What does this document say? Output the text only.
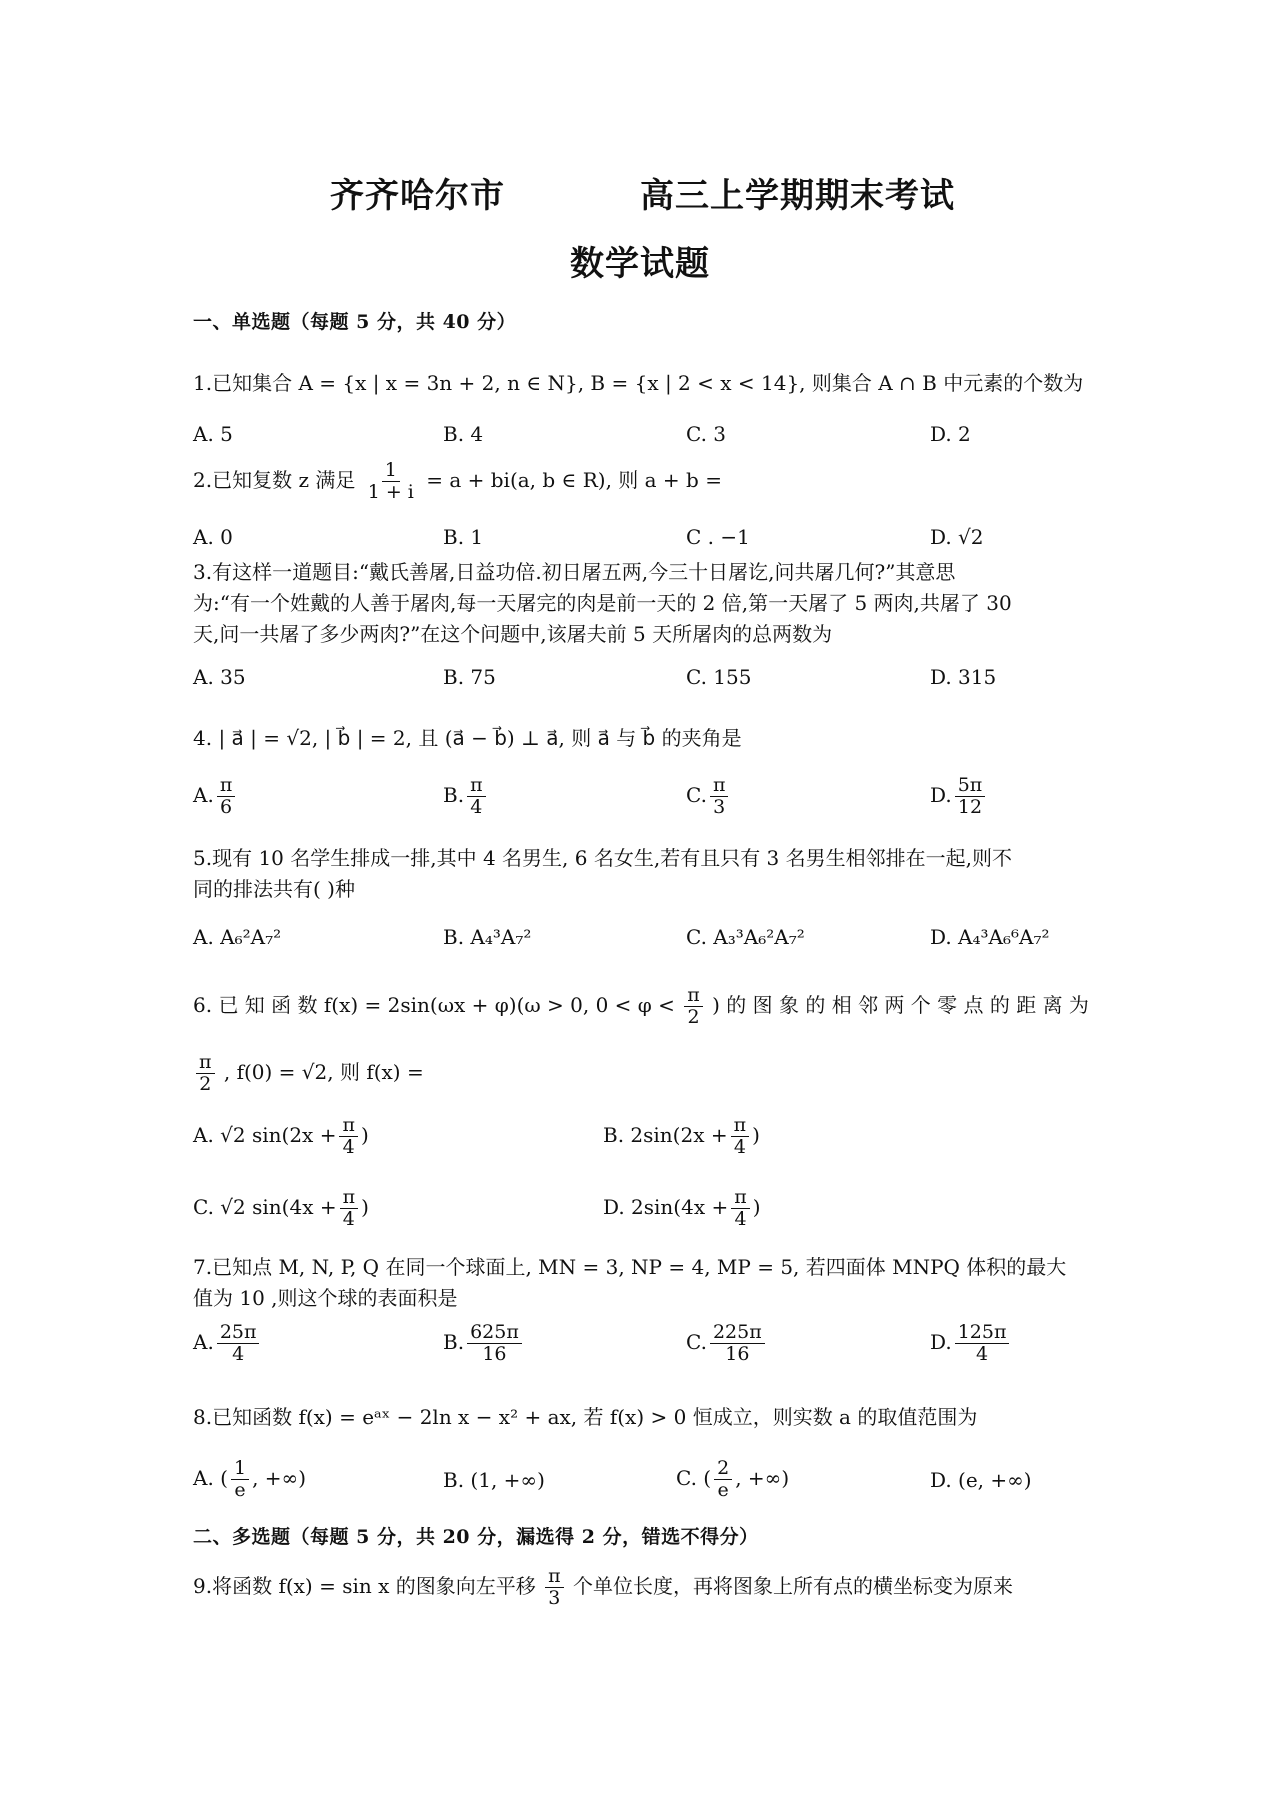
齐齐哈尔市	高三上学期期末考试
数学试题
一、单选题（每题 5 分，共 40 分）
1.已知集合 A = {x | x = 3n + 2, n ∈ N}, B = {x | 2 < x < 14}, 则集合 A ∩ B 中元素的个数为
A. 5	B. 4	C. 3	D. 2
2.已知复数 z 满足 $\frac{1}{1 + i} = a + bi(a$, b ∈ R), 则 a + b =
A. 0	B. 1	C . −1	D. √2
3.有这样一道题目:“戴氏善屠,日益功倍.初日屠五两,今三十日屠讫,问共屠几何?”其意思
为:“有一个姓戴的人善于屠肉,每一天屠完的肉是前一天的 2 倍,第一天屠了 5 两肉,共屠了 30
天,问一共屠了多少两肉?”在这个问题中,该屠夫前 5 天所屠肉的总两数为
A. 35	B. 75	C. 155	D. 315
4. | a⃗ | = √2, | b⃗ | = 2, 且 (a⃗ − b⃗) ⊥ a⃗, 则 a⃗ 与 b⃗ 的夹角是
A. $\frac{\pi}{6}$	B. $\frac{\pi}{4}$	C. $\frac{\pi}{3}$	D. $\frac{5\pi}{12}$
5.现有 10 名学生排成一排,其中 4 名男生, 6 名女生,若有且只有 3 名男生相邻排在一起,则不
同的排法共有( )种
A. A₆²A₇²	B. A₄³A₇²	C. A₃³A₆²A₇²	D. A₄³A₆⁶A₇²
6. 已 知 函 数 f(x) = 2sin(ωx + φ)(ω > 0, $0 < \varphi < \frac{\pi}{2}$ ) 的 图 象 的 相 邻 两 个 零 点 的 距 离 为
$\frac{\pi}{2}$ , f(0) = √2, 则 f(x) =
A. √2 $\sin(2x + \frac{\pi}{4}$ )	B. $2\sin(2x + \frac{\pi}{4}$ )
C. √2 $\sin(4x + \frac{\pi}{4}$ )	D. $2\sin(4x + \frac{\pi}{4}$ )
7.已知点 M, N, P, Q 在同一个球面上, MN = 3, NP = 4, MP = 5, 若四面体 MNPQ 体积的最大
值为 10 ,则这个球的表面积是
A. $\frac{25\pi}{4}$	B. $\frac{625\pi}{16}$	C. $\frac{225\pi}{16}$	D. $\frac{125\pi}{4}$
8.已知函数 f(x) = eᵃˣ − 2ln x − x² + ax, 若 f(x) > 0 恒成立，则实数 a 的取值范围为
A. ( $\frac{1}{e}$ , +∞)	B. (1, +∞)	C. ( $\frac{2}{e}$ , +∞)	D. (e, +∞)
二、多选题（每题 5 分，共 20 分，漏选得 2 分，错选不得分）
9.将函数 f(x) = sin x 的图象向左平移 $\frac{\pi}{3}$ 个单位长度，再将图象上所有点的横坐标变为原来
